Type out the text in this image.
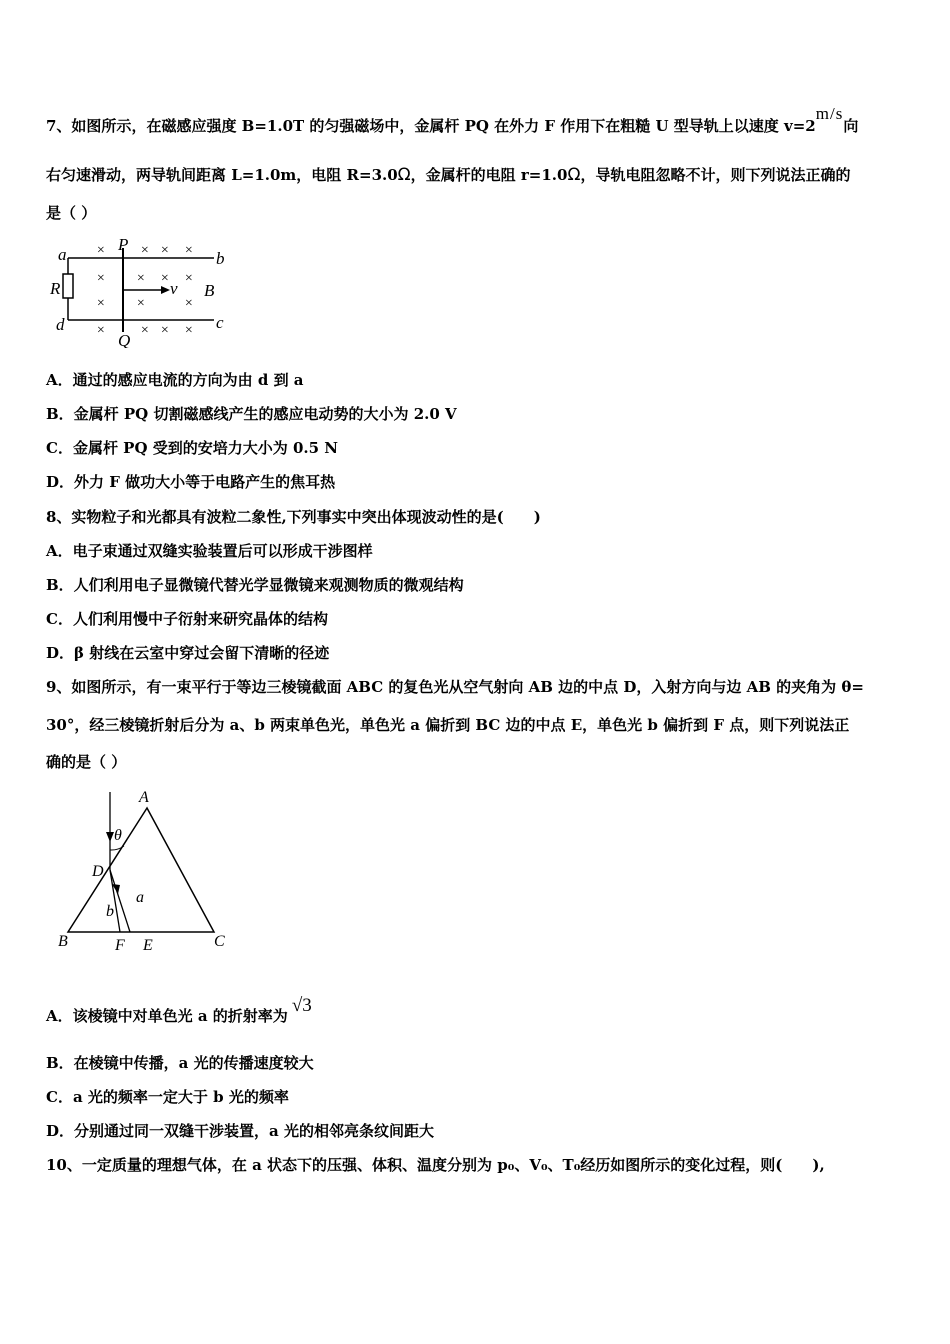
7、如图所示，在磁感应强度 B=1.0T 的匀强磁场中，金属杆 PQ 在外力 F 作用下在粗糙 U 型导轨上以速度 v=2m/s向
右匀速滑动，两导轨间距离 L=1.0m，电阻 R=3.0Ω，金属杆的电阻 r=1.0Ω，导轨电阻忽略不计，则下列说法正确的
是（ ）
× × × ×
× × × ×
× ×	×
× × × ×
a	b
c
d
P
Q
R	B
v
A．通过的感应电流的方向为由 d 到 a
B．金属杆 PQ 切割磁感线产生的感应电动势的大小为 2.0 V
C．金属杆 PQ 受到的安培力大小为 0.5 N
D．外力 F 做功大小等于电路产生的焦耳热
8、实物粒子和光都具有波粒二象性,下列事实中突出体现波动性的是(　　)
A．电子束通过双缝实验装置后可以形成干涉图样
B．人们利用电子显微镜代替光学显微镜来观测物质的微观结构
C．人们利用慢中子衍射来研究晶体的结构
D．β 射线在云室中穿过会留下清晰的径迹
9、如图所示，有一束平行于等边三棱镜截面 ABC 的复色光从空气射向 AB 边的中点 D，入射方向与边 AB 的夹角为 θ=
30°，经三棱镜折射后分为 a、b 两束单色光，单色光 a 偏折到 BC 边的中点 E，单色光 b 偏折到 F 点，则下列说法正
确的是（ ）
A
B	C
D
F E
a
b
θ
A．该棱镜中对单色光 a 的折射率为 √3
B．在棱镜中传播，a 光的传播速度较大
C．a 光的频率一定大于 b 光的频率
D．分别通过同一双缝干涉装置，a 光的相邻亮条纹间距大
10、一定质量的理想气体，在 a 状态下的压强、体积、温度分别为 p₀、V₀、T₀经历如图所示的变化过程，则(　　),
